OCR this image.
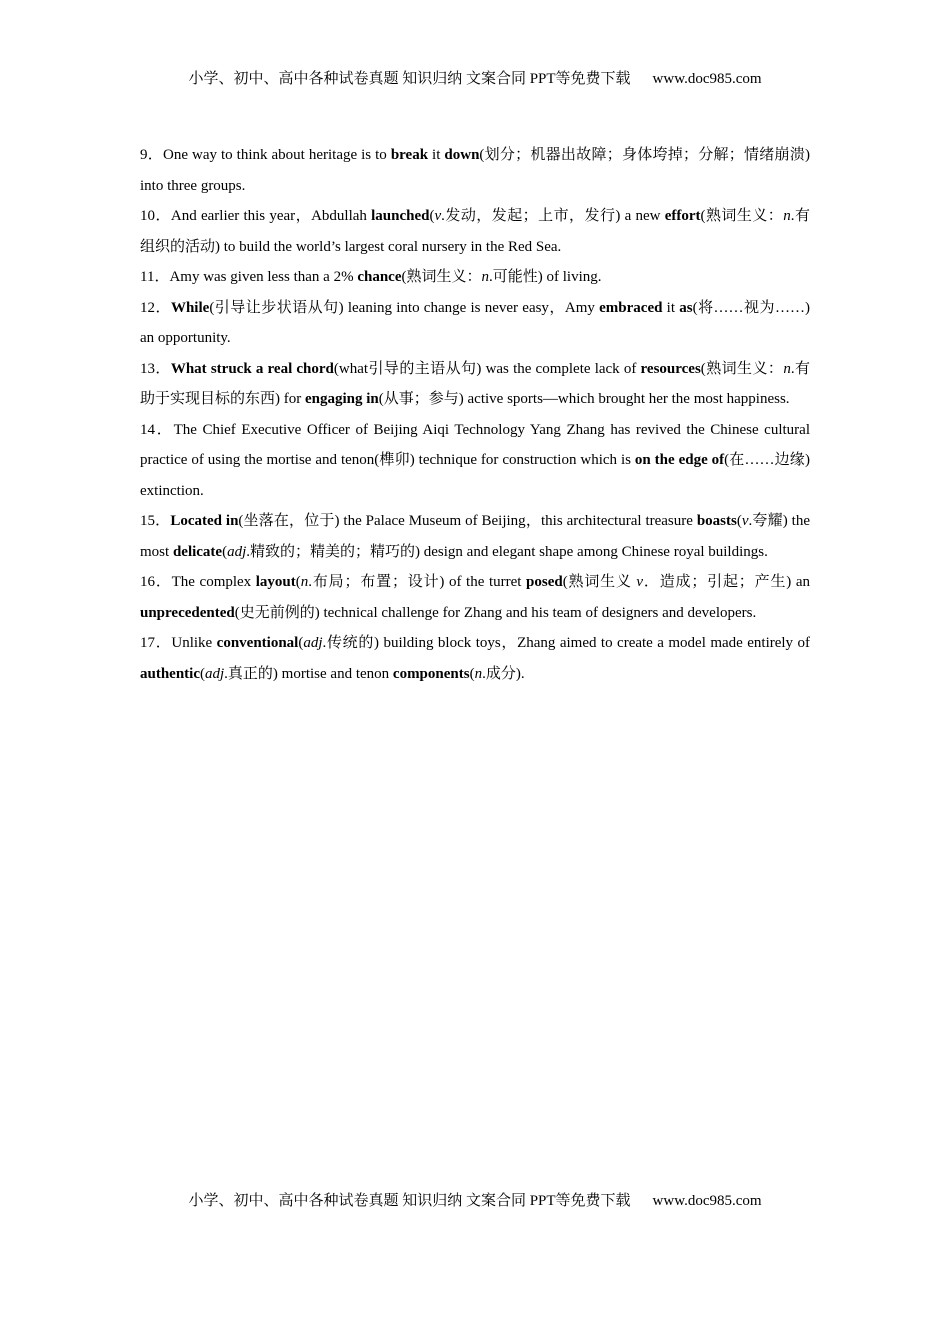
小学、初中、高中各种试卷真题 知识归纳 文案合同 PPT等免费下载 www.doc985.com

9．One way to think about heritage is to break it down(划分；机器出故障；身体垮掉；分解；情绪崩溃) into three groups.

10．And earlier this year，Abdullah launched(v.发动，发起；上市，发行) a new effort(熟词生义：n.有组织的活动) to build the world’s largest coral nursery in the Red Sea.

11．Amy was given less than a 2% chance(熟词生义：n.可能性) of living.

12．While(引导让步状语从句) leaning into change is never easy，Amy embraced it as(将……视为……) an opportunity.

13．What struck a real chord(what引导的主语从句) was the complete lack of resources(熟词生义：n.有助于实现目标的东西) for engaging in(从事；参与) active sports—which brought her the most happiness.

14．The Chief Executive Officer of Beijing Aiqi Technology Yang Zhang has revived the Chinese cultural practice of using the mortise and tenon(榫卯) technique for construction which is on the edge of(在……边缘) extinction.

15．Located in(坐落在，位于) the Palace Museum of Beijing，this architectural treasure boasts(v.夸耀) the most delicate(adj.精致的；精美的；精巧的) design and elegant shape among Chinese royal buildings.

16．The complex layout(n.布局；布置；设计) of the turret posed(熟词生义 v．造成；引起；产生) an unprecedented(史无前例的) technical challenge for Zhang and his team of designers and developers.

17．Unlike conventional(adj.传统的) building block toys，Zhang aimed to create a model made entirely of authentic(adj.真正的) mortise and tenon components(n.成分).

小学、初中、高中各种试卷真题 知识归纳 文案合同 PPT等免费下载 www.doc985.com
